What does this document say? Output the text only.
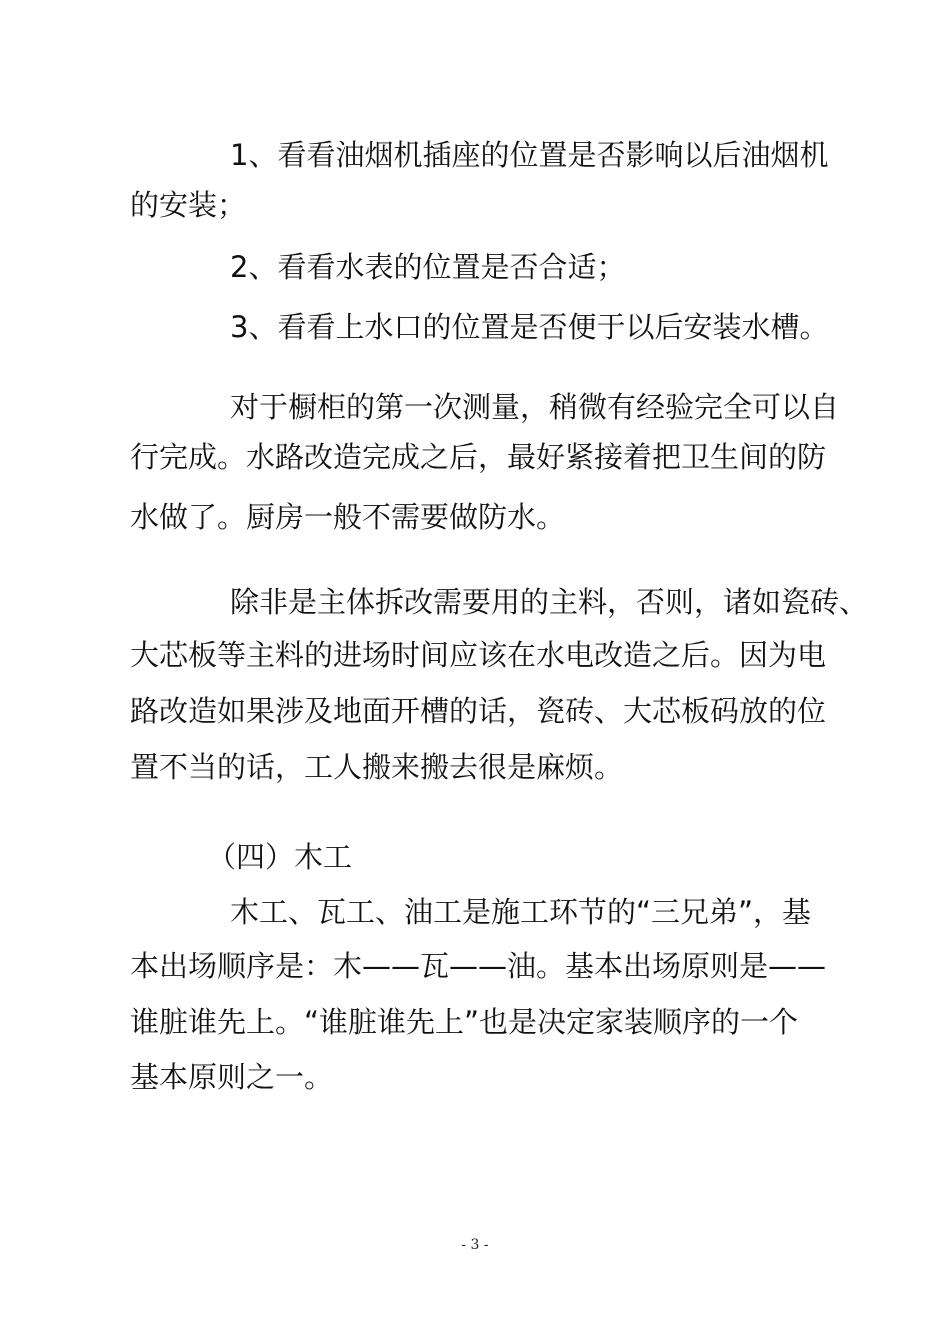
1、看看油烟机插座的位置是否影响以后油烟机
的安装；
2、看看水表的位置是否合适；
3、看看上水口的位置是否便于以后安装水槽。
对于橱柜的第一次测量，稍微有经验完全可以自
行完成。水路改造完成之后，最好紧接着把卫生间的防
水做了。厨房一般不需要做防水。
除非是主体拆改需要用的主料，否则，诸如瓷砖、
大芯板等主料的进场时间应该在水电改造之后。因为电
路改造如果涉及地面开槽的话，瓷砖、大芯板码放的位
置不当的话，工人搬来搬去很是麻烦。
（四）木工
木工、瓦工、油工是施工环节的“三兄弟”，基
本出场顺序是：木——瓦——油。基本出场原则是——
谁脏谁先上。“谁脏谁先上”也是决定家装顺序的一个
基本原则之一。
- 3 -
